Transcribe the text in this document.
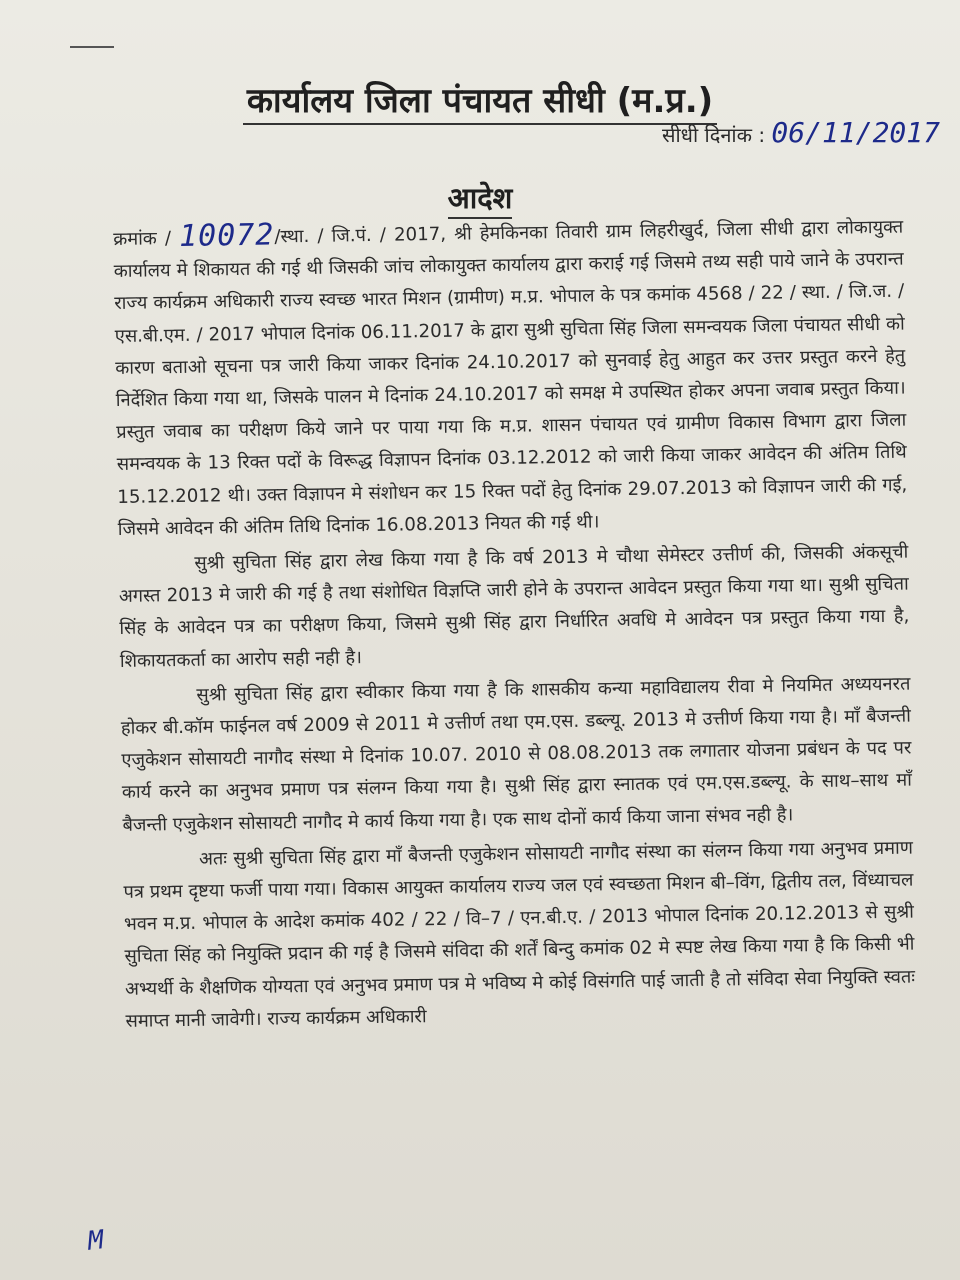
कार्यालय जिला पंचायत सीधी (म.प्र.)
सीधी दिनांक : 06/11/2017
आदेश

क्रमांक / 10072/स्था. / जि.पं. / 2017, श्री हेमकिनका तिवारी ग्राम लिहरीखुर्द, जिला सीधी द्वारा लोकायुक्त कार्यालय मे शिकायत की गई थी जिसकी जांच लोकायुक्त कार्यालय द्वारा कराई गई जिसमे तथ्य सही पाये जाने के उपरान्त राज्य कार्यक्रम अधिकारी राज्य स्वच्छ भारत मिशन (ग्रामीण) म.प्र. भोपाल के पत्र कमांक 4568 / 22 / स्था. / जि.ज. / एस.बी.एम. / 2017 भोपाल दिनांक 06.11.2017 के द्वारा सुश्री सुचिता सिंह जिला समन्वयक जिला पंचायत सीधी को कारण बताओ सूचना पत्र जारी किया जाकर दिनांक 24.10.2017 को सुनवाई हेतु आहुत कर उत्तर प्रस्तुत करने हेतु निर्देशित किया गया था, जिसके पालन मे दिनांक 24.10.2017 को समक्ष मे उपस्थित होकर अपना जवाब प्रस्तुत किया। प्रस्तुत जवाब का परीक्षण किये जाने पर पाया गया कि म.प्र. शासन पंचायत एवं ग्रामीण विकास विभाग द्वारा जिला समन्वयक के 13 रिक्त पदों के विरूद्ध विज्ञापन दिनांक 03.12.2012 को जारी किया जाकर आवेदन की अंतिम तिथि 15.12.2012 थी। उक्त विज्ञापन मे संशोधन कर 15 रिक्त पदों हेतु दिनांक 29.07.2013 को विज्ञापन जारी की गई, जिसमे आवेदन की अंतिम तिथि दिनांक 16.08.2013 नियत की गई थी।

सुश्री सुचिता सिंह द्वारा लेख किया गया है कि वर्ष 2013 मे चौथा सेमेस्टर उत्तीर्ण की, जिसकी अंकसूची अगस्त 2013 मे जारी की गई है तथा संशोधित विज्ञप्ति जारी होने के उपरान्त आवेदन प्रस्तुत किया गया था। सुश्री सुचिता सिंह के आवेदन पत्र का परीक्षण किया, जिसमे सुश्री सिंह द्वारा निर्धारित अवधि मे आवेदन पत्र प्रस्तुत किया गया है, शिकायतकर्ता का आरोप सही नही है।

सुश्री सुचिता सिंह द्वारा स्वीकार किया गया है कि शासकीय कन्या महाविद्यालय रीवा मे नियमित अध्ययनरत होकर बी.कॉम फाईनल वर्ष 2009 से 2011 मे उत्तीर्ण तथा एम.एस. डब्ल्यू. 2013 मे उत्तीर्ण किया गया है। मॉं बैजन्ती एजुकेशन सोसायटी नागौद संस्था मे दिनांक 10.07. 2010 से 08.08.2013 तक लगातार योजना प्रबंधन के पद पर कार्य करने का अनुभव प्रमाण पत्र संलग्न किया गया है। सुश्री सिंह द्वारा स्नातक एवं एम.एस.डब्ल्यू. के साथ–साथ मॉं बैजन्ती एजुकेशन सोसायटी नागौद मे कार्य किया गया है। एक साथ दोनों कार्य किया जाना संभव नही है।

अतः सुश्री सुचिता सिंह द्वारा मॉं बैजन्ती एजुकेशन सोसायटी नागौद संस्था का संलग्न किया गया अनुभव प्रमाण पत्र प्रथम दृष्टया फर्जी पाया गया। विकास आयुक्त कार्यालय राज्य जल एवं स्वच्छता मिशन बी–विंग, द्वितीय तल, विंध्याचल भवन म.प्र. भोपाल के आदेश कमांक 402 / 22 / वि–7 / एन.बी.ए. / 2013 भोपाल दिनांक 20.12.2013 से सुश्री सुचिता सिंह को नियुक्ति प्रदान की गई है जिसमे संविदा की शर्तें बिन्दु कमांक 02 मे स्पष्ट लेख किया गया है कि किसी भी अभ्यर्थी के शैक्षणिक योग्यता एवं अनुभव प्रमाण पत्र मे भविष्य मे कोई विसंगति पाई जाती है तो संविदा सेवा नियुक्ति स्वतः समाप्त मानी जावेगी। राज्य कार्यक्रम अधिकारी

M
